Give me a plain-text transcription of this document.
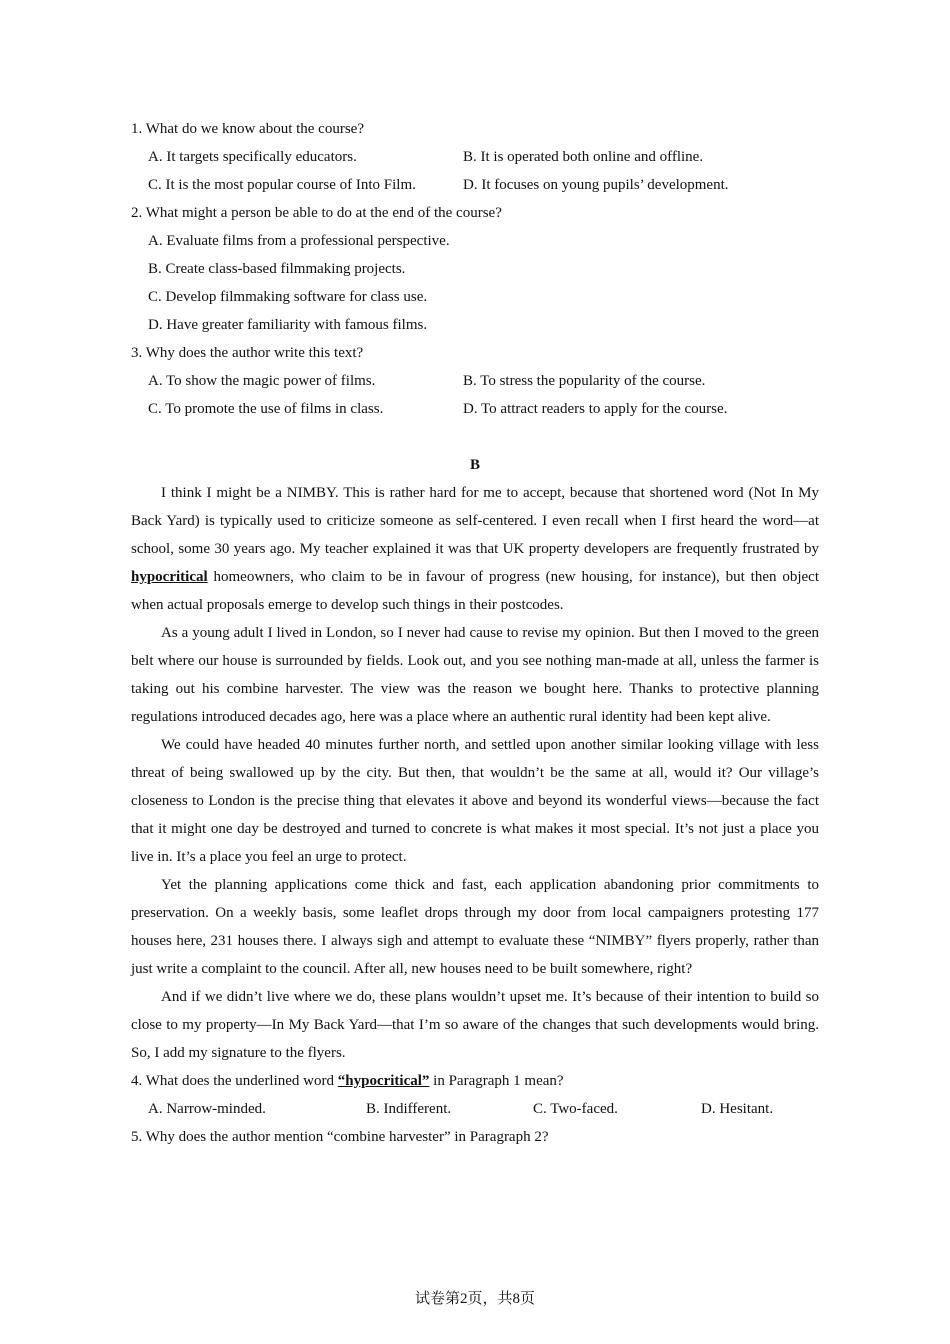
1. What do we know about the course?
A. It targets specifically educators.	B. It is operated both online and offline.
C. It is the most popular course of Into Film.	D. It focuses on young pupils’ development.
2. What might a person be able to do at the end of the course?
A. Evaluate films from a professional perspective.
B. Create class-based filmmaking projects.
C. Develop filmmaking software for class use.
D. Have greater familiarity with famous films.
3. Why does the author write this text?
A. To show the magic power of films.	B. To stress the popularity of the course.
C. To promote the use of films in class.	D. To attract readers to apply for the course.
B

I think I might be a NIMBY. This is rather hard for me to accept, because that shortened word (Not In My Back Yard) is typically used to criticize someone as self-centered. I even recall when I first heard the word—at school, some 30 years ago. My teacher explained it was that UK property developers are frequently frustrated by hypocritical homeowners, who claim to be in favour of progress (new housing, for instance), but then object when actual proposals emerge to develop such things in their postcodes.

As a young adult I lived in London, so I never had cause to revise my opinion. But then I moved to the green belt where our house is surrounded by fields. Look out, and you see nothing man-made at all, unless the farmer is taking out his combine harvester. The view was the reason we bought here. Thanks to protective planning regulations introduced decades ago, here was a place where an authentic rural identity had been kept alive.

We could have headed 40 minutes further north, and settled upon another similar looking village with less threat of being swallowed up by the city. But then, that wouldn’t be the same at all, would it? Our village’s closeness to London is the precise thing that elevates it above and beyond its wonderful views—because the fact that it might one day be destroyed and turned to concrete is what makes it most special. It’s not just a place you live in. It’s a place you feel an urge to protect.

Yet the planning applications come thick and fast, each application abandoning prior commitments to preservation. On a weekly basis, some leaflet drops through my door from local campaigners protesting 177 houses here, 231 houses there. I always sigh and attempt to evaluate these “NIMBY” flyers properly, rather than just write a complaint to the council. After all, new houses need to be built somewhere, right?

And if we didn’t live where we do, these plans wouldn’t upset me. It’s because of their intention to build so close to my property—In My Back Yard—that I’m so aware of the changes that such developments would bring. So, I add my signature to the flyers.

4. What does the underlined word “hypocritical” in Paragraph 1 mean?
A. Narrow-minded.	B. Indifferent.	C. Two-faced.	D. Hesitant.
5. Why does the author mention “combine harvester” in Paragraph 2?
试卷第2页，共8页
